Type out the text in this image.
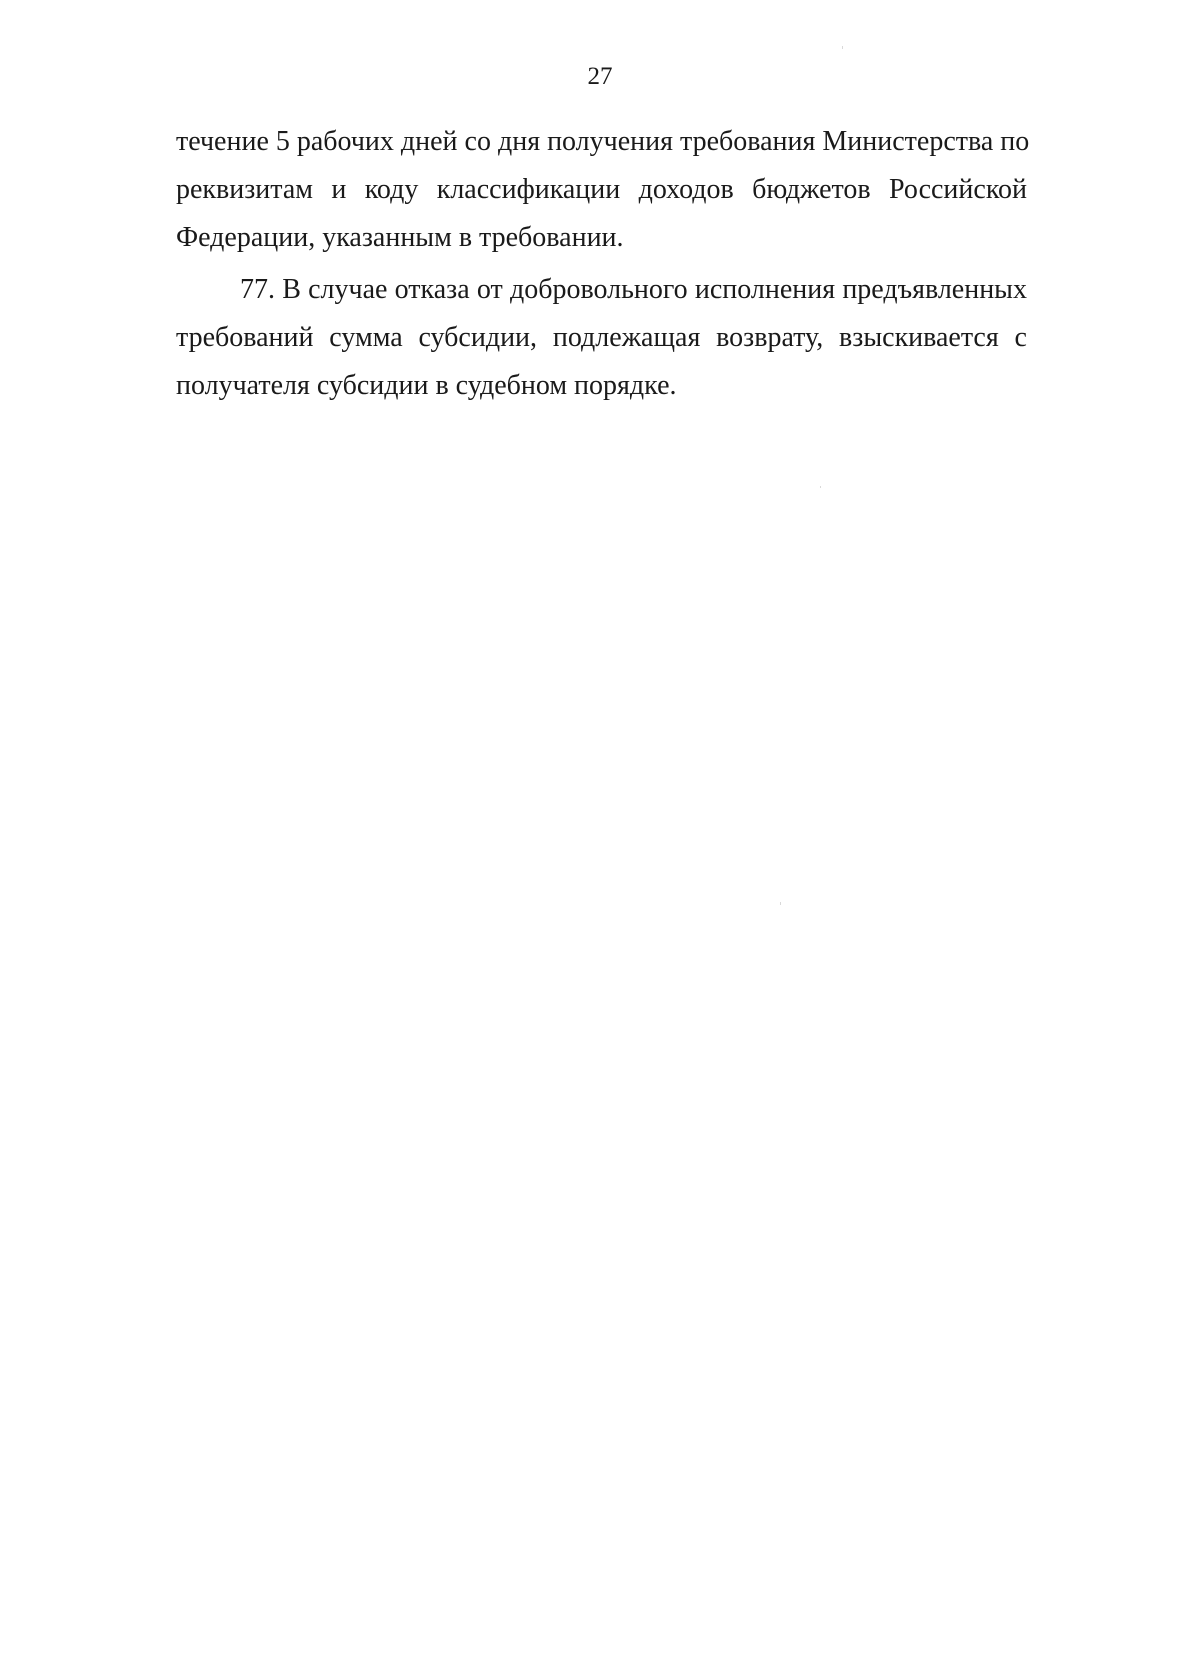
27
течение 5 рабочих дней со дня получения требования Министерства по
реквизитам и коду классификации доходов бюджетов Российской
Федерации, указанным в требовании.
77. В случае отказа от добровольного исполнения предъявленных
требований сумма субсидии, подлежащая возврату, взыскивается с
получателя субсидии в судебном порядке.
